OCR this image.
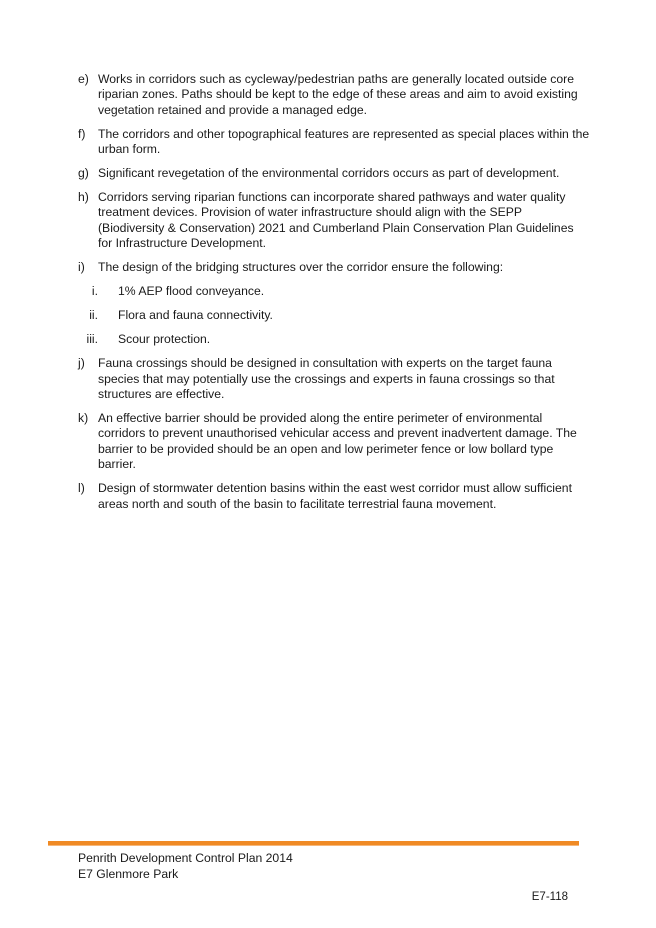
e) Works in corridors such as cycleway/pedestrian paths are generally located outside core riparian zones. Paths should be kept to the edge of these areas and aim to avoid existing vegetation retained and provide a managed edge.
f)	The corridors and other topographical features are represented as special places within the urban form.
g) Significant revegetation of the environmental corridors occurs as part of development.
h) Corridors serving riparian functions can incorporate shared pathways and water quality treatment devices. Provision of water infrastructure should align with the SEPP (Biodiversity & Conservation) 2021 and Cumberland Plain Conservation Plan Guidelines for Infrastructure Development.
i)	The design of the bridging structures over the corridor ensure the following:
i.	1% AEP flood conveyance.
ii.	Flora and fauna connectivity.
iii.	Scour protection.
j)	Fauna crossings should be designed in consultation with experts on the target fauna species that may potentially use the crossings and experts in fauna crossings so that structures are effective.
k) An effective barrier should be provided along the entire perimeter of environmental corridors to prevent unauthorised vehicular access and prevent inadvertent damage. The barrier to be provided should be an open and low perimeter fence or low bollard type barrier.
l)	Design of stormwater detention basins within the east west corridor must allow sufficient areas north and south of the basin to facilitate terrestrial fauna movement.
Penrith Development Control Plan 2014
E7 Glenmore Park
E7-118
